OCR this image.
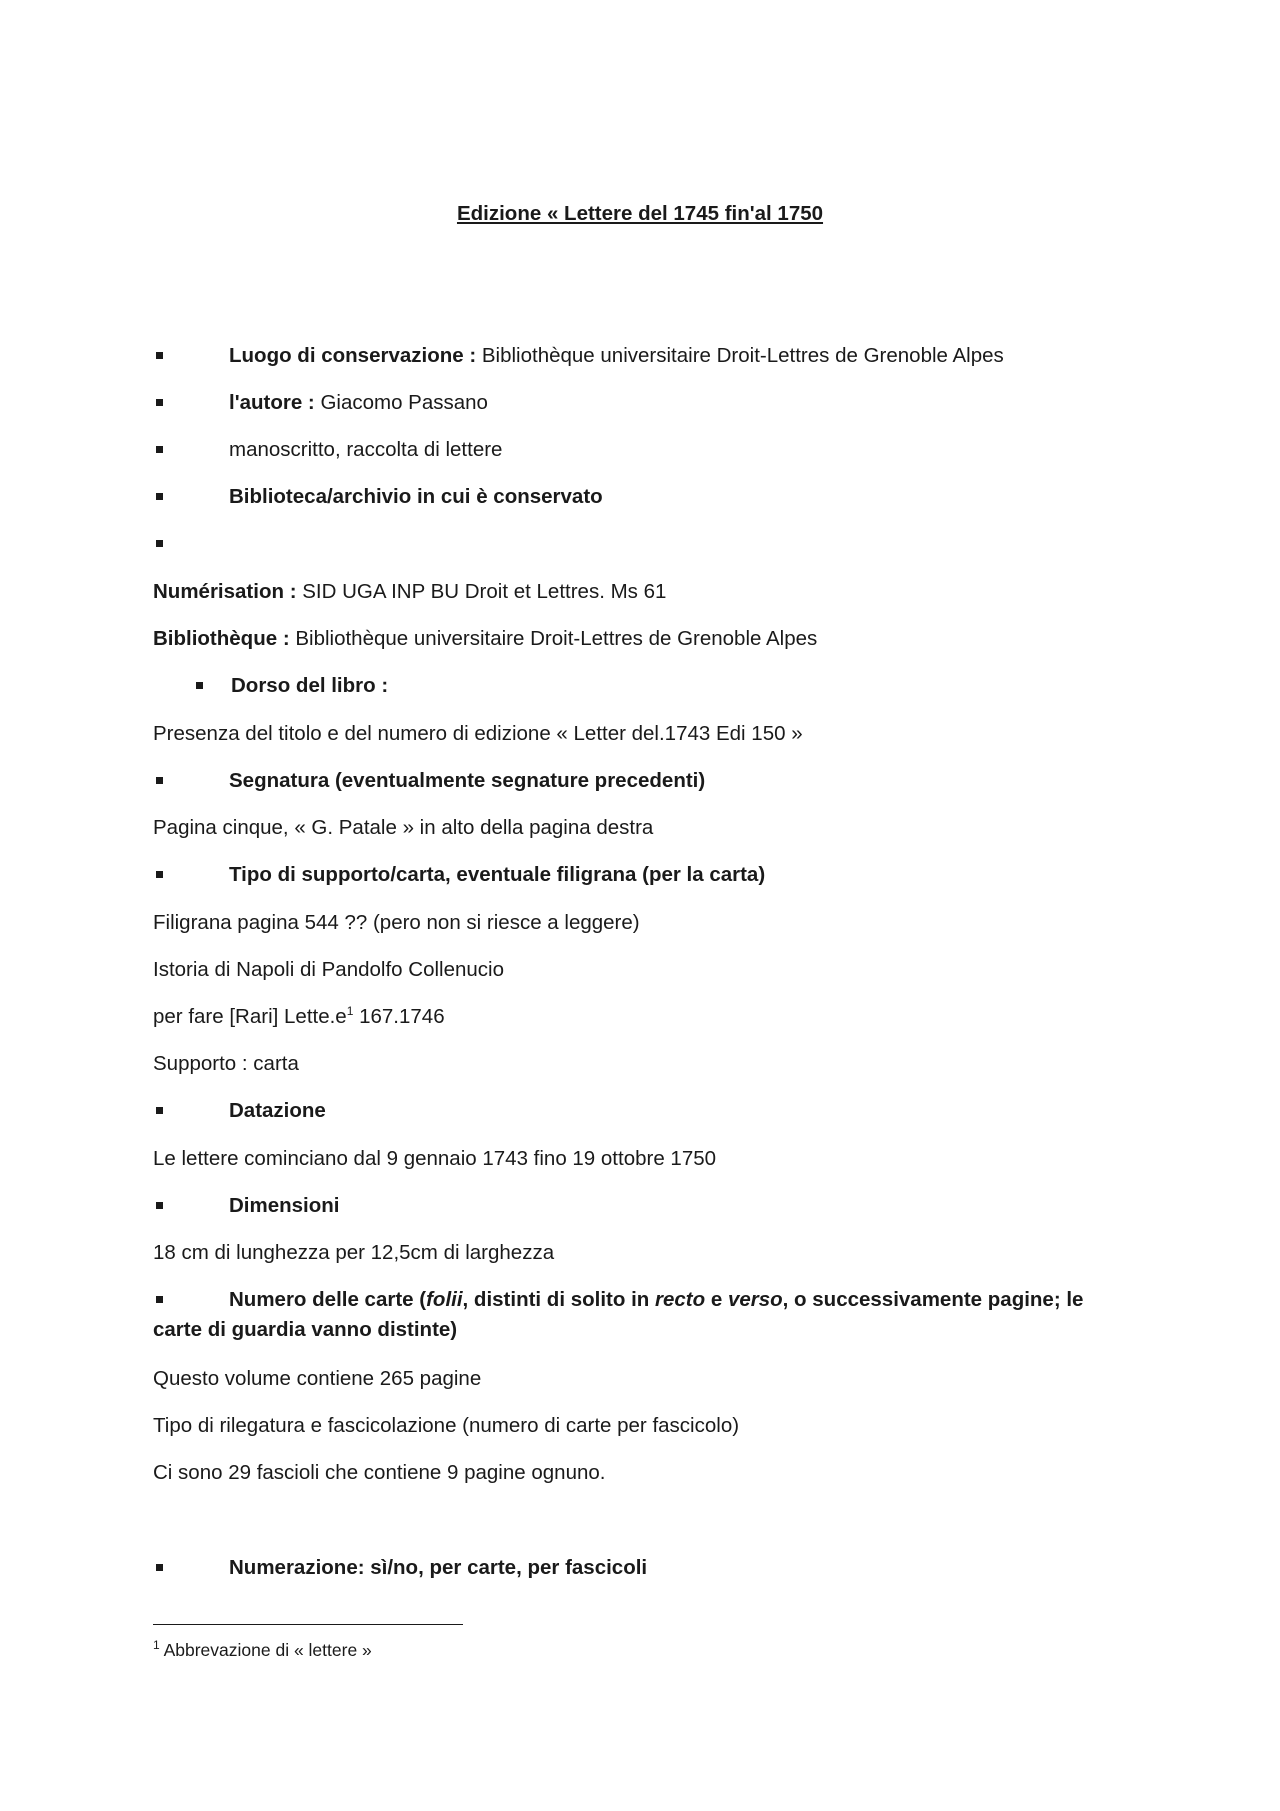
Edizione « Lettere del 1745 fin'al 1750
Luogo di conservazione : Bibliothèque universitaire Droit-Lettres de Grenoble Alpes
l'autore : Giacomo Passano
manoscritto, raccolta di lettere
Biblioteca/archivio in cui è conservato
Numérisation : SID UGA INP BU Droit et Lettres. Ms 61
Bibliothèque : Bibliothèque universitaire Droit-Lettres de Grenoble Alpes
Dorso del libro :
Presenza del titolo e del numero di edizione « Letter del.1743 Edi 150 »
Segnatura (eventualmente segnature precedenti)
Pagina cinque, « G. Patale » in alto della pagina destra
Tipo di supporto/carta, eventuale filigrana (per la carta)
Filigrana pagina 544 ?? (pero non si riesce a leggere)
Istoria di Napoli di Pandolfo Collenucio
per fare [Rari] $Lette.e^1$ 167.1746
Supporto : carta
Datazione
Le lettere cominciano dal 9 gennaio 1743 fino 19 ottobre 1750
Dimensioni
18 cm di lunghezza per 12,5cm di larghezza
Numero delle carte (folii, distinti di solito in recto e verso, o successivamente pagine; le
carte di guardia vanno distinte)
Questo volume contiene 265 pagine
Tipo di rilegatura e fascicolazione (numero di carte per fascicolo)
Ci sono 29 fascioli che contiene 9 pagine ognuno.
Numerazione: sì/no, per carte, per fascicoli
$^1$ Abbrevazione di « lettere »
